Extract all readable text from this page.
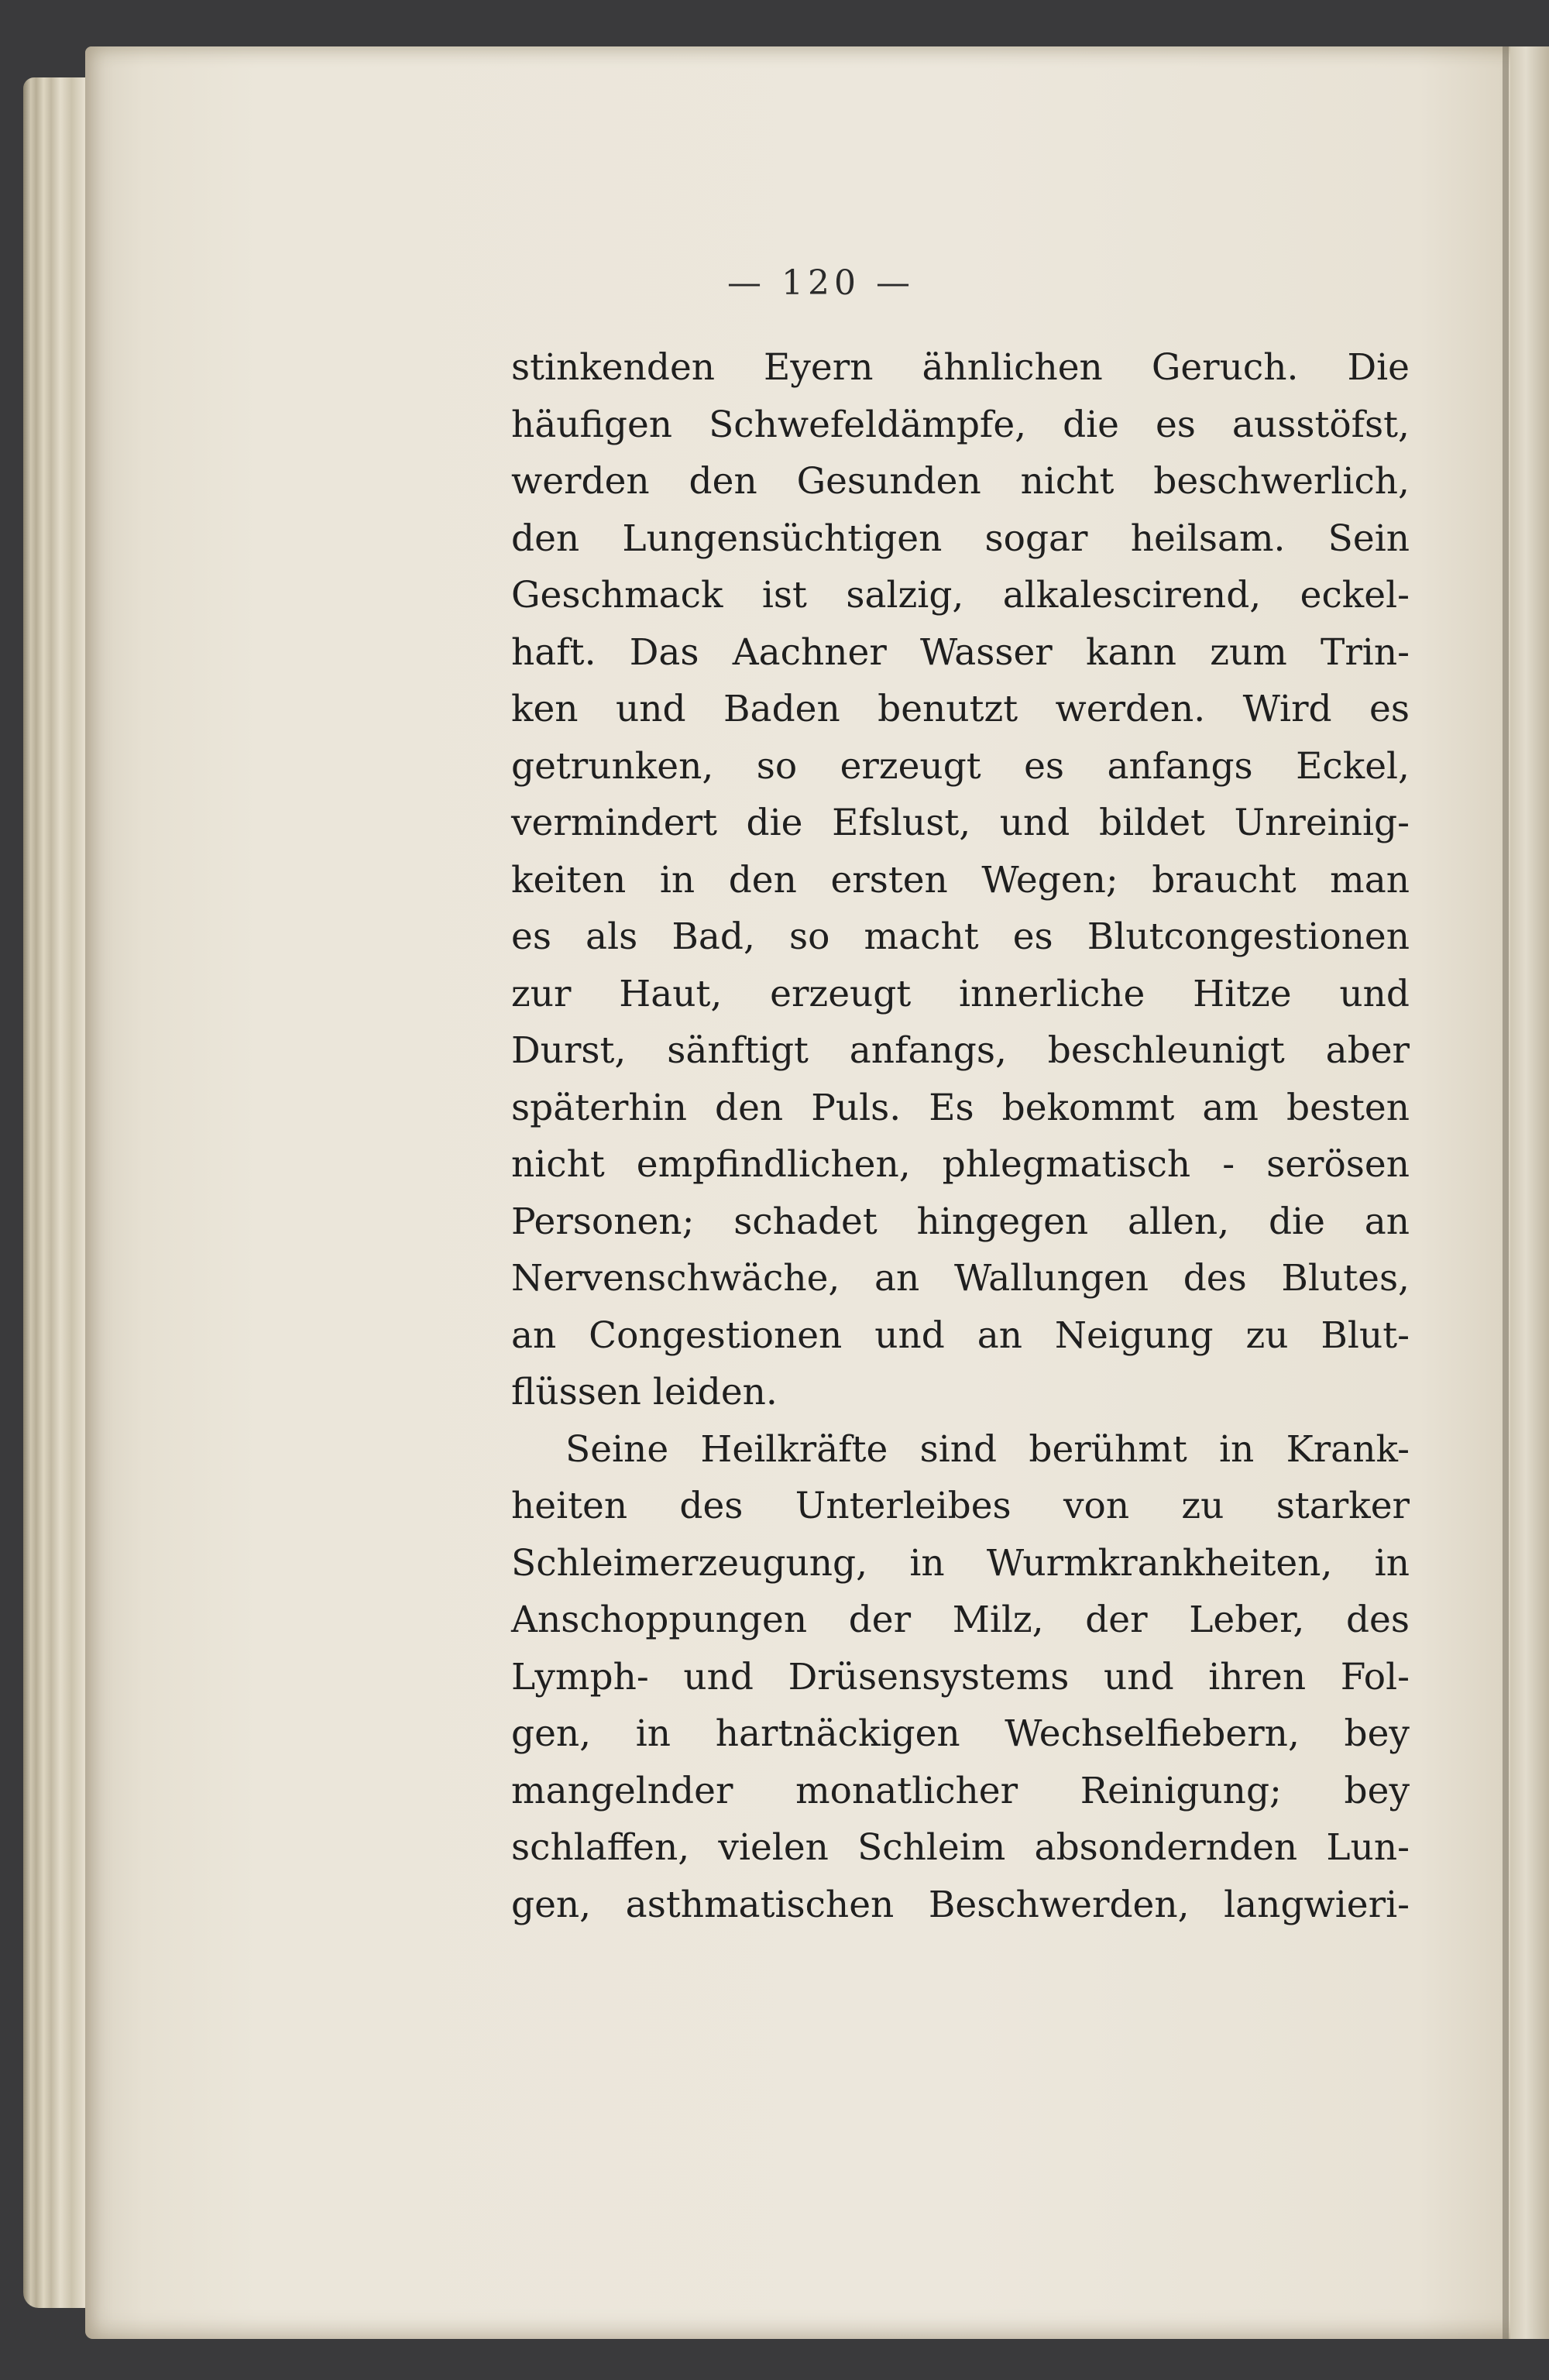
— 120 —
stinkenden Eyern ähnlichen Geruch. Die
häufigen Schwefeldämpfe, die es ausstöfst,
werden den Gesunden nicht beschwerlich,
den Lungensüchtigen sogar heilsam. Sein
Geschmack ist salzig, alkalescirend, eckel-
haft. Das Aachner Wasser kann zum Trin-
ken und Baden benutzt werden. Wird es
getrunken, so erzeugt es anfangs Eckel,
vermindert die Efslust, und bildet Unreinig-
keiten in den ersten Wegen; braucht man
es als Bad, so macht es Blutcongestionen
zur Haut, erzeugt innerliche Hitze und
Durst, sänftigt anfangs, beschleunigt aber
späterhin den Puls. Es bekommt am besten
nicht empfindlichen, phlegmatisch - serösen
Personen; schadet hingegen allen, die an
Nervenschwäche, an Wallungen des Blutes,
an Congestionen und an Neigung zu Blut-
flüssen leiden.
Seine Heilkräfte sind berühmt in Krank-
heiten des Unterleibes von zu starker
Schleimerzeugung, in Wurmkrankheiten, in
Anschoppungen der Milz, der Leber, des
Lymph- und Drüsensystems und ihren Fol-
gen, in hartnäckigen Wechselfiebern, bey
mangelnder monatlicher Reinigung; bey
schlaffen, vielen Schleim absondernden Lun-
gen, asthmatischen Beschwerden, langwieri-
